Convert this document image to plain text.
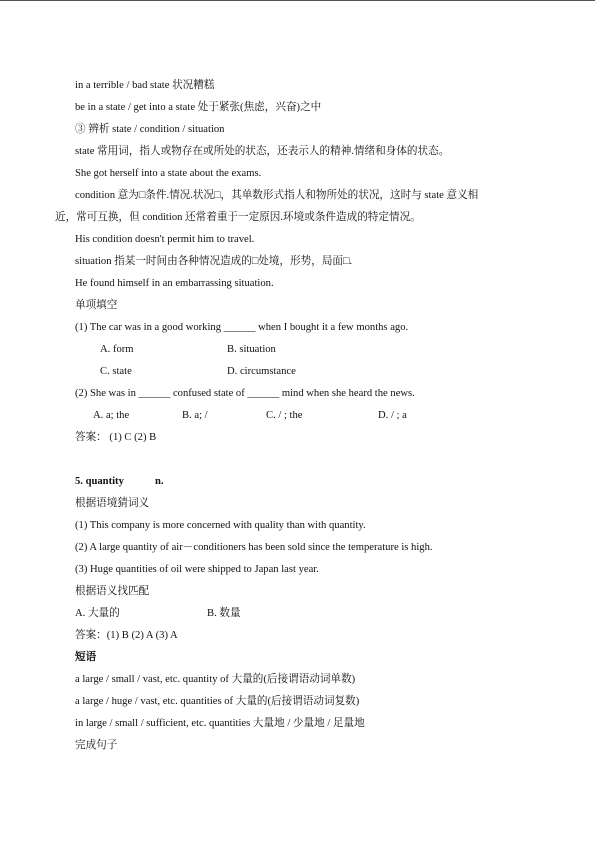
in a terrible / bad state 状况糟糕
be in a state / get into a state 处于紧张(焦虑，兴奋)之中
③ 辨析 state / condition / situation
state 常用词，指人或物存在或所处的状态，还表示人的精神.情绪和身体的状态。
She got herself into a state about the exams.
condition 意为□条件.情况.状况□，其单数形式指人和物所处的状况，这时与 state 意义相
近，常可互换，但 condition 还常着重于一定原因.环境或条件造成的特定情况。
His condition doesn't permit him to travel.
situation 指某一时间由各种情况造成的□处境，形势，局面□.
He found himself in an embarrassing situation.
单项填空
(1) The car was in a good working ______ when I bought it a few months ago.
A. form	B. situation
C. state	D. circumstance
(2) She was in ______ confused state of ______ mind when she heard the news.
A. a; the	B. a; /	C. / ; the	D. / ; a
答案： (1) C (2) B
5. quantity	n.
根据语境猜词义
(1) This company is more concerned with quality than with quantity.
(2) A large quantity of air－conditioners has been sold since the temperature is high.
(3) Huge quantities of oil were shipped to Japan last year.
根据语义找匹配
A. 大量的	B. 数量
答案：(1) B (2) A (3) A
短语
a large / small / vast, etc. quantity of 大量的(后接谓语动词单数)
a large / huge / vast, etc. quantities of 大量的(后接谓语动词复数)
in large / small / sufficient, etc. quantities 大量地 / 少量地 / 足量地
完成句子
